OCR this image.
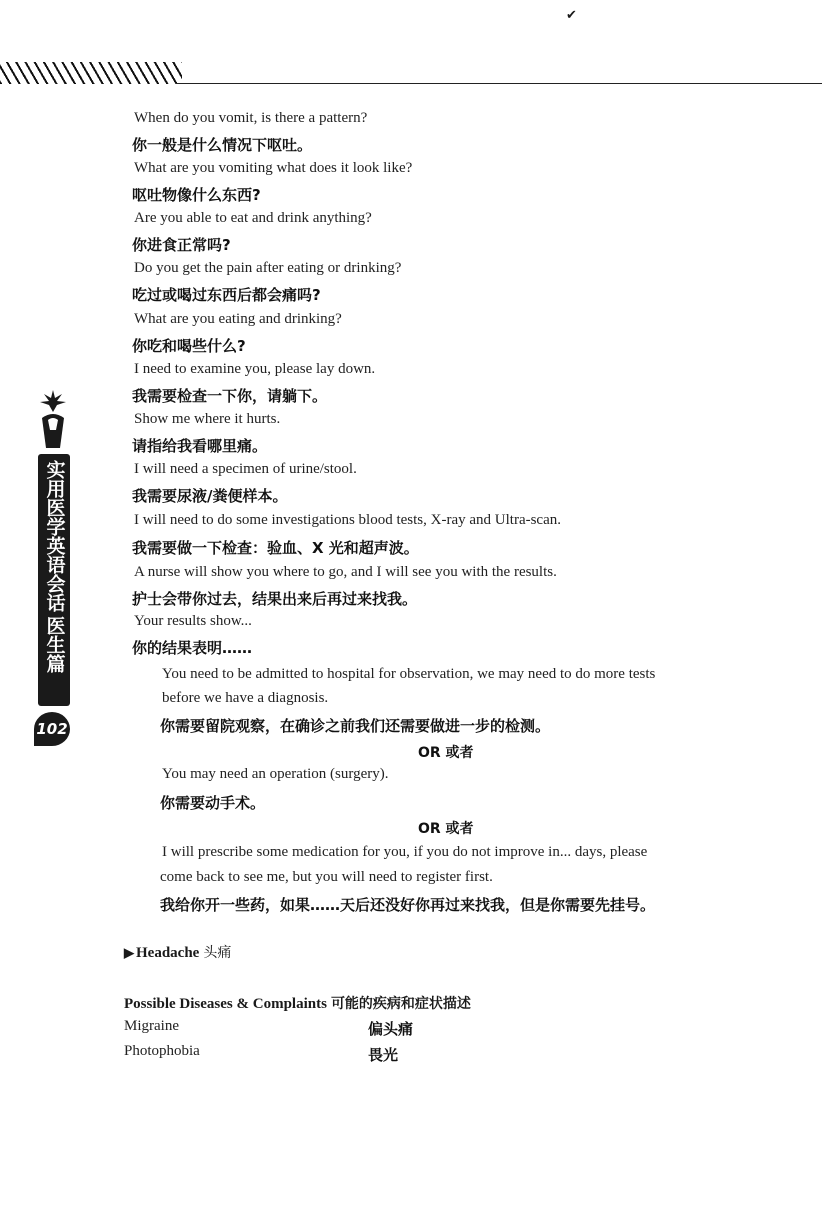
✔
实用医学英语会话
医生篇
102
When do you vomit, is there a pattern?
你一般是什么情况下呕吐。
What are you vomiting what does it look like?
呕吐物像什么东西?
Are you able to eat and drink anything?
你进食正常吗?
Do you get the pain after eating or drinking?
吃过或喝过东西后都会痛吗?
What are you eating and drinking?
你吃和喝些什么?
I need to examine you, please lay down.
我需要检查一下你，请躺下。
Show me where it hurts.
请指给我看哪里痛。
I will need a specimen of urine/stool.
我需要尿液/粪便样本。
I will need to do some investigations blood tests, X-ray and Ultra-scan.
我需要做一下检查：验血、X 光和超声波。
A nurse will show you where to go, and I will see you with the results.
护士会带你过去，结果出来后再过来找我。
Your results show...
你的结果表明……
You need to be admitted to hospital for observation, we may need to do more tests
before we have a diagnosis.
你需要留院观察，在确诊之前我们还需要做进一步的检测。
OR 或者
You may need an operation (surgery).
你需要动手术。
OR 或者
I will prescribe some medication for you, if you do not improve in... days, please
come back to see me, but you will need to register first.
我给你开一些药，如果……天后还没好你再过来找我，但是你需要先挂号。
▶ Headache 头痛
Possible Diseases & Complaints 可能的疾病和症状描述
Migraine	偏头痛
Photophobia	畏光
